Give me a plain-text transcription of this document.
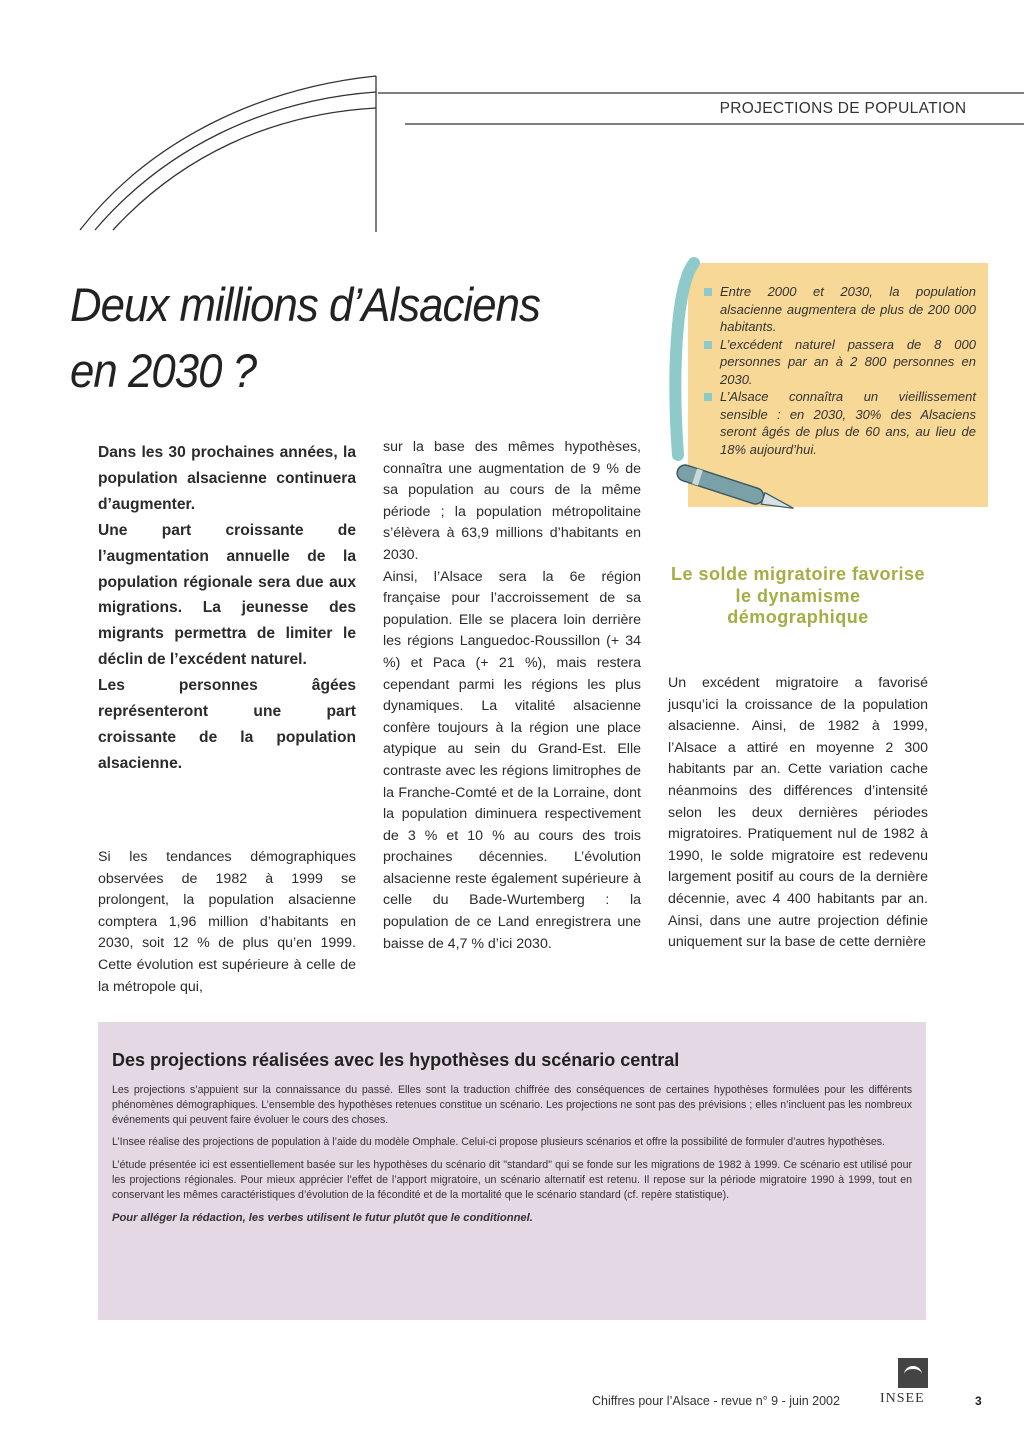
PROJECTIONS DE POPULATION
Deux millions d’Alsaciens
en 2030 ?
Entre 2000 et 2030, la population alsacienne augmentera de plus de 200 000 habitants.
L’excédent naturel passera de 8 000 personnes par an à 2 800 personnes en 2030.
L’Alsace connaîtra un vieillissement sensible : en 2030, 30% des Alsaciens seront âgés de plus de 60 ans, au lieu de 18% aujourd’hui.

Dans les 30 prochaines années, la population alsacienne continuera d’augmenter.

Une part croissante de l’augmentation annuelle de la population régionale sera due aux migrations. La jeunesse des migrants permettra de limiter le déclin de l’excédent naturel.

Les personnes âgées représenteront une part croissante de la population alsacienne.

Si les tendances démographiques observées de 1982 à 1999 se prolongent, la population alsacienne comptera 1,96 million d’habitants en 2030, soit 12 % de plus qu’en 1999. Cette évolution est supérieure à celle de la métropole qui,

sur la base des mêmes hypothèses, connaîtra une augmentation de 9 % de sa population au cours de la même période ; la population métropolitaine s’élèvera à 63,9 millions d’habitants en 2030.

Ainsi, l’Alsace sera la 6e région française pour l’accroissement de sa population. Elle se placera loin derrière les régions Languedoc-Roussillon (+ 34 %) et Paca (+ 21 %), mais restera cependant parmi les régions les plus dynamiques. La vitalité alsacienne confère toujours à la région une place atypique au sein du Grand-Est. Elle contraste avec les régions limitrophes de la Franche-Comté et de la Lorraine, dont la population diminuera respectivement de 3 % et 10 % au cours des trois prochaines décennies. L’évolution alsacienne reste également supérieure à celle du Bade-Wurtemberg : la population de ce Land enregistrera une baisse de 4,7 % d’ici 2030.

Le solde migratoire favorise le dynamisme démographique

Un excédent migratoire a favorisé jusqu’ici la croissance de la population alsacienne. Ainsi, de 1982 à 1999, l’Alsace a attiré en moyenne 2 300 habitants par an. Cette variation cache néanmoins des différences d’intensité selon les deux dernières périodes migratoires. Pratiquement nul de 1982 à 1990, le solde migratoire est redevenu largement positif au cours de la dernière décennie, avec 4 400 habitants par an. Ainsi, dans une autre projection définie uniquement sur la base de cette dernière

Des projections réalisées avec les hypothèses du scénario central

Les projections s’appuient sur la connaissance du passé. Elles sont la traduction chiffrée des conséquences de certaines hypothèses formulées pour les différents phénomènes démographiques. L’ensemble des hypothèses retenues constitue un scénario. Les projections ne sont pas des prévisions ; elles n’incluent pas les nombreux événements qui peuvent faire évoluer le cours des choses.

L’Insee réalise des projections de population à l’aide du modèle Omphale. Celui-ci propose plusieurs scénarios et offre la possibilité de formuler d’autres hypothèses.

L’étude présentée ici est essentiellement basée sur les hypothèses du scénario dit "standard" qui se fonde sur les migrations de 1982 à 1999. Ce scénario est utilisé pour les projections régionales. Pour mieux apprécier l’effet de l’apport migratoire, un scénario alternatif est retenu. Il repose sur la période migratoire 1990 à 1999, tout en conservant les mêmes caractéristiques d’évolution de la fécondité et de la mortalité que le scénario standard (cf. repère statistique).

Pour alléger la rédaction, les verbes utilisent le futur plutôt que le conditionnel.

Chiffres pour l’Alsace - revue n° 9 - juin 2002	INSEE	3
